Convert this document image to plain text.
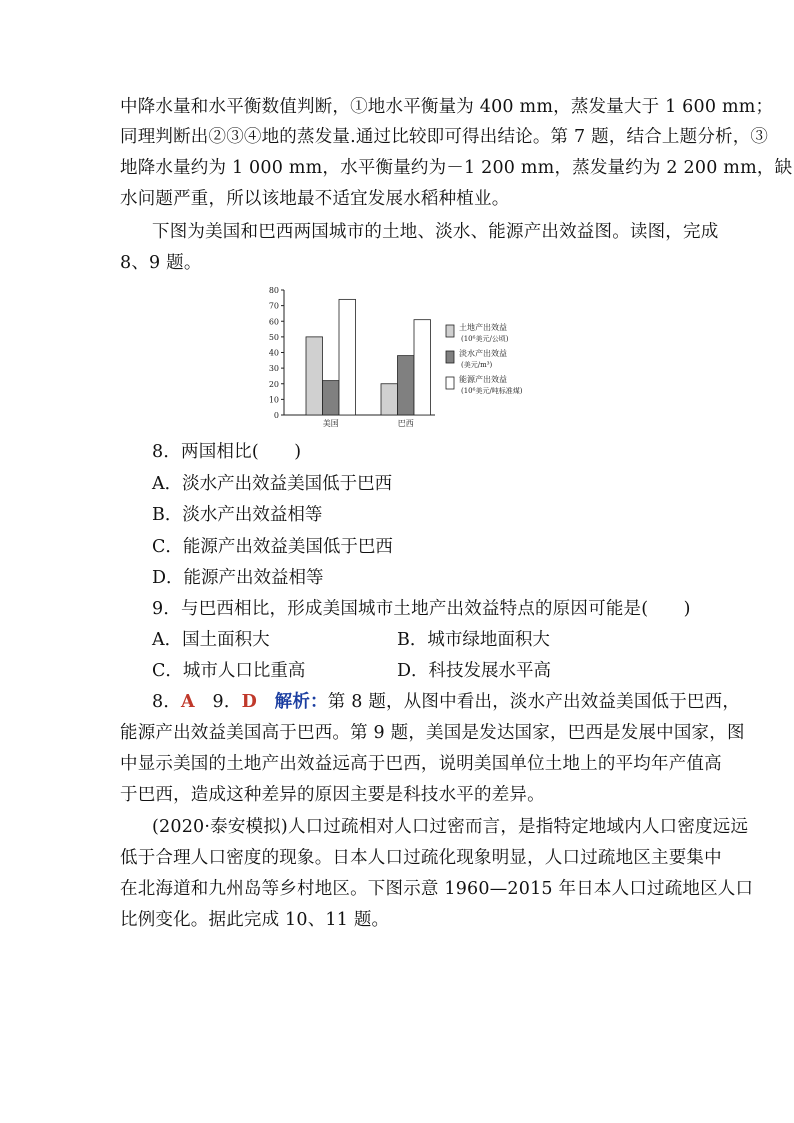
中降水量和水平衡数值判断，①地水平衡量为 400 mm，蒸发量大于 1 600 mm；
同理判断出②③④地的蒸发量.通过比较即可得出结论。第 7 题，结合上题分析，③
地降水量约为 1 000 mm，水平衡量约为－1 200 mm，蒸发量约为 2 200 mm，缺
水问题严重，所以该地最不适宜发展水稻种植业。
下图为美国和巴西两国城市的土地、淡水、能源产出效益图。读图，完成
8、9 题。
0
10
20
30
40
50
60
70
80
美国	巴西
土地产出效益
(10⁶美元/公顷)
淡水产出效益
(美元/m³)
能源产出效益
(10⁶美元/吨标准煤)
8．两国相比(　　)
A．淡水产出效益美国低于巴西
B．淡水产出效益相等
C．能源产出效益美国低于巴西
D．能源产出效益相等
9．与巴西相比，形成美国城市土地产出效益特点的原因可能是(　　)
A．国土面积大	B．城市绿地面积大
C．城市人口比重高	D．科技发展水平高
8．A　9．D　解析：第 8 题，从图中看出，淡水产出效益美国低于巴西，
能源产出效益美国高于巴西。第 9 题，美国是发达国家，巴西是发展中国家，图
中显示美国的土地产出效益远高于巴西，说明美国单位土地上的平均年产值高
于巴西，造成这种差异的原因主要是科技水平的差异。
(2020·泰安模拟)人口过疏相对人口过密而言，是指特定地域内人口密度远远
低于合理人口密度的现象。日本人口过疏化现象明显，人口过疏地区主要集中
在北海道和九州岛等乡村地区。下图示意 1960—2015 年日本人口过疏地区人口
比例变化。据此完成 10、11 题。
